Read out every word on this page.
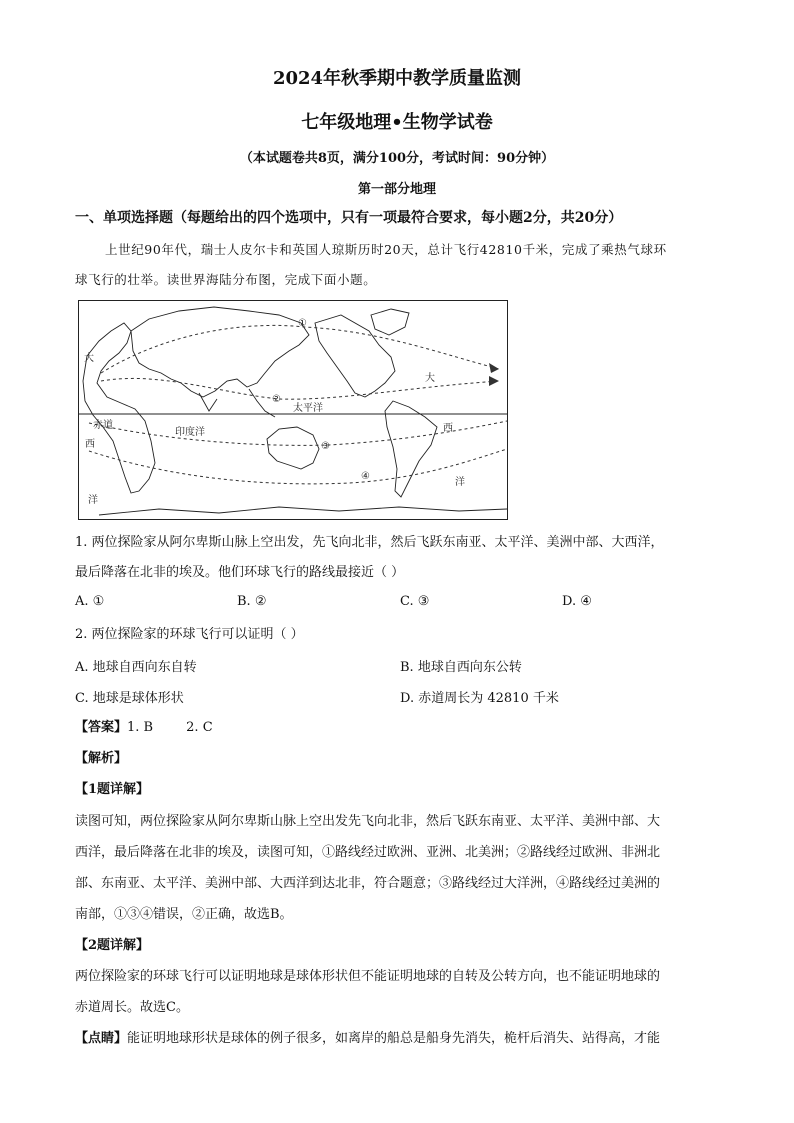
2024年秋季期中教学质量监测
七年级地理•生物学试卷
（本试题卷共8页，满分100分，考试时间：90分钟）
第一部分地理
一、单项选择题（每题给出的四个选项中，只有一项最符合要求，每小题2分，共20分）
上世纪90年代，瑞士人皮尔卡和英国人琼斯历时20天，总计飞行42810千米，完成了乘热气球环
球飞行的壮举。读世界海陆分布图，完成下面小题。
①
②
③
④
大
赤道
西
洋
印度洋
太平洋
大
西
洋
1. 两位探险家从阿尔卑斯山脉上空出发，先飞向北非，然后飞跃东南亚、太平洋、美洲中部、大西洋，
最后降落在北非的埃及。他们环球飞行的路线最接近（ ）
A. ①	B. ②	C. ③	D. ④
2. 两位探险家的环球飞行可以证明（ ）
A. 地球自西向东自转	B. 地球自西向东公转
C. 地球是球体形状	D. 赤道周长为 42810 千米
【答案】1. B        2. C
【解析】
【1题详解】
读图可知，两位探险家从阿尔卑斯山脉上空出发先飞向北非，然后飞跃东南亚、太平洋、美洲中部、大
西洋，最后降落在北非的埃及，读图可知，①路线经过欧洲、亚洲、北美洲；②路线经过欧洲、非洲北
部、东南亚、太平洋、美洲中部、大西洋到达北非，符合题意；③路线经过大洋洲，④路线经过美洲的
南部，①③④错误，②正确，故选B。
【2题详解】
两位探险家的环球飞行可以证明地球是球体形状但不能证明地球的自转及公转方向，也不能证明地球的
赤道周长。故选C。
【点睛】能证明地球形状是球体的例子很多，如离岸的船总是船身先消失，桅杆后消失、站得高，才能
